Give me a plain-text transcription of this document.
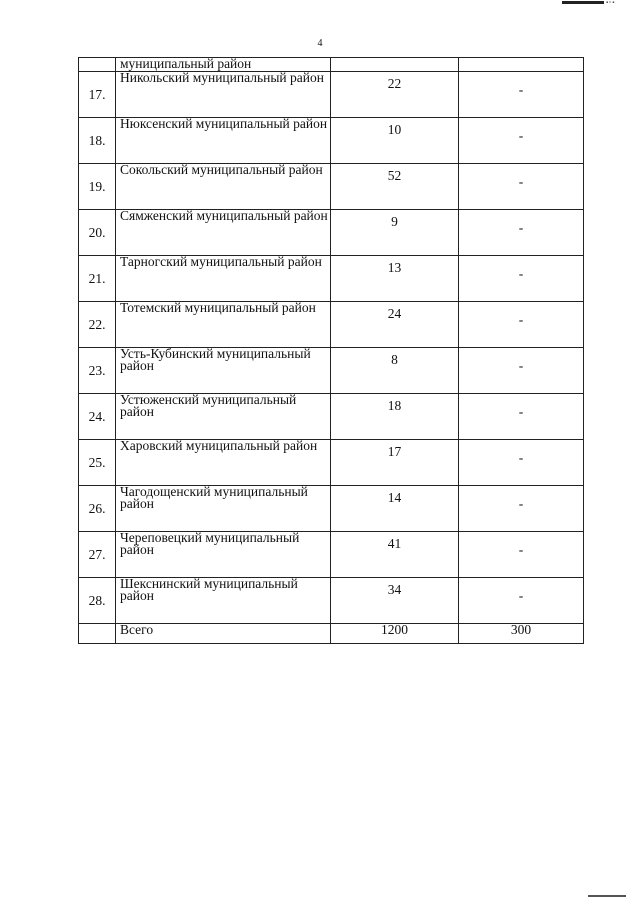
▪▫▪
4
	муниципальный район		
17.	Никольский муниципальный район	22	-
18.	Нюксенский муниципальный район	10	-
19.	Сокольский муниципальный район	52	-
20.	Сямженский муниципальный район	9	-
21.	Тарногский муниципальный район	13	-
22.	Тотемский муниципальный район	24	-
23.	Усть-Кубинский муниципальный район	8	-
24.	Устюженский муниципальный район	18	-
25.	Харовский муниципальный район	17	-
26.	Чагодощенский муниципальный район	14	-
27.	Череповецкий муниципальный район	41	-
28.	Шекснинский муниципальный район	34	-
	Всего	1200	300
